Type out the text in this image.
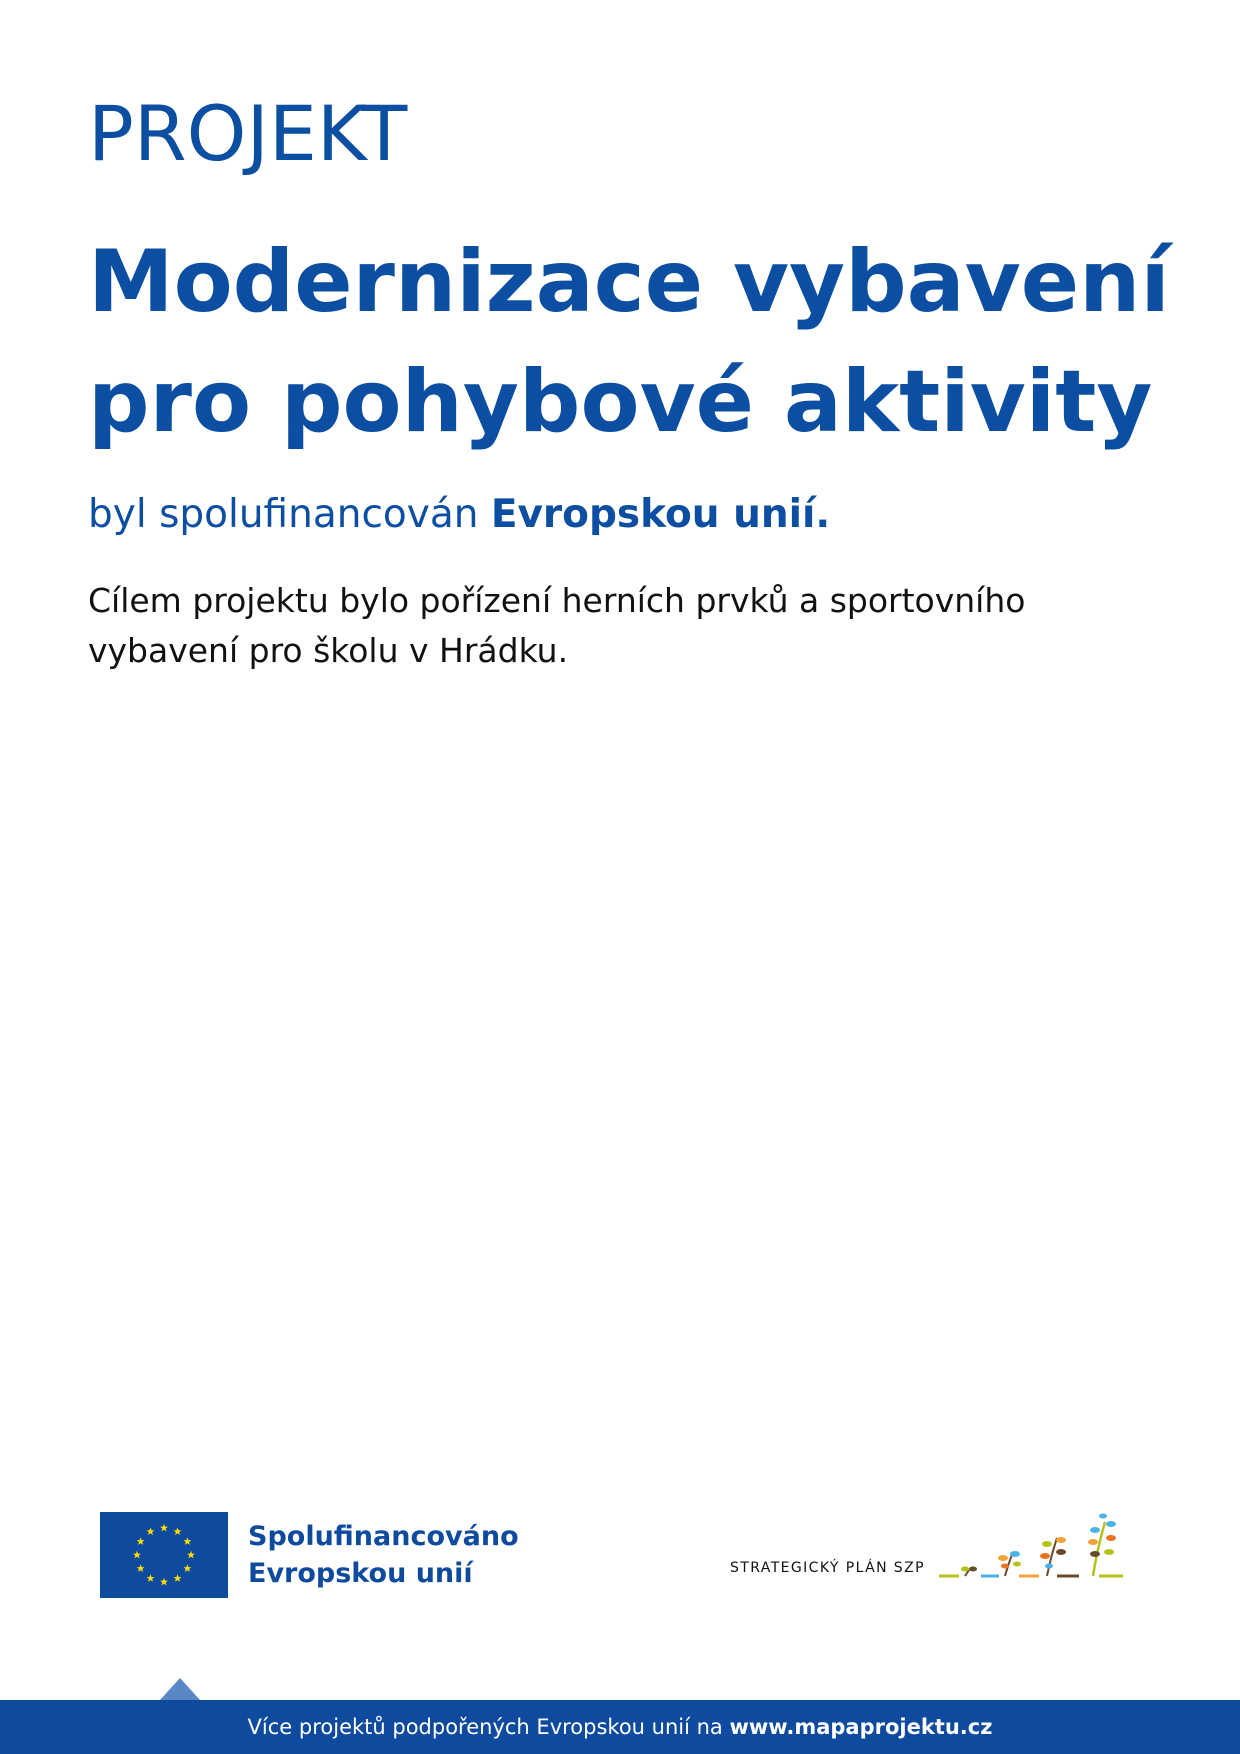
PROJEKT
Modernizace vybavení
pro pohybové aktivity
byl spolufinancován Evropskou unií.
Cílem projektu bylo pořízení herních prvků a sportovního
vybavení pro školu v Hrádku.
Spolufinancováno
Evropskou unií	STRATEGICKÝ PLÁN SZP
Více projektů podpořených Evropskou unií na www.mapaprojektu.cz
